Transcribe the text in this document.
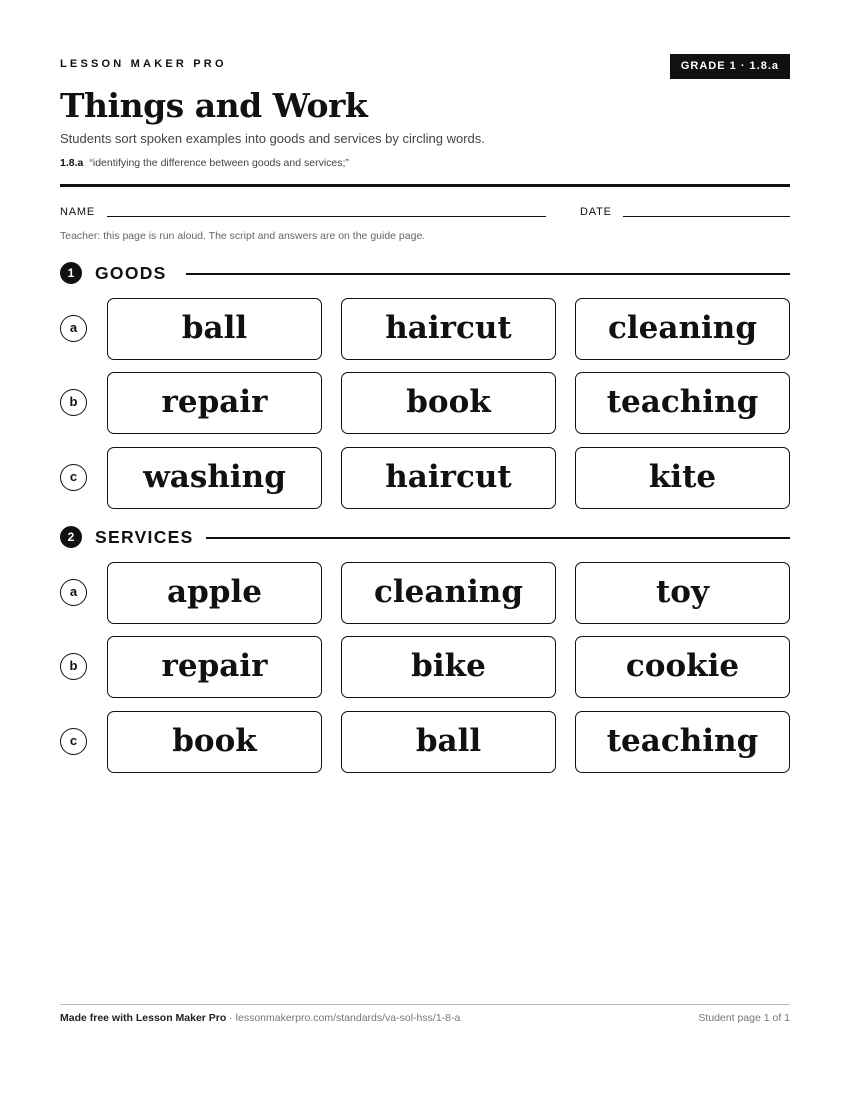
LESSON MAKER PRO	GRADE 1 · 1.8.a
Things and Work
Students sort spoken examples into goods and services by circling words.
1.8.a “identifying the difference between goods and services;”
NAME	DATE
Teacher: this page is run aloud. The script and answers are on the guide page.
1	GOODS
a	ball	haircut	cleaning
b	repair	book	teaching
c	washing	haircut	kite
2	SERVICES
a	apple	cleaning	toy
b	repair	bike	cookie
c	book	ball	teaching
Made free with Lesson Maker Pro · lessonmakerpro.com/standards/va-sol-hss/1-8-a	Student page 1 of 1
